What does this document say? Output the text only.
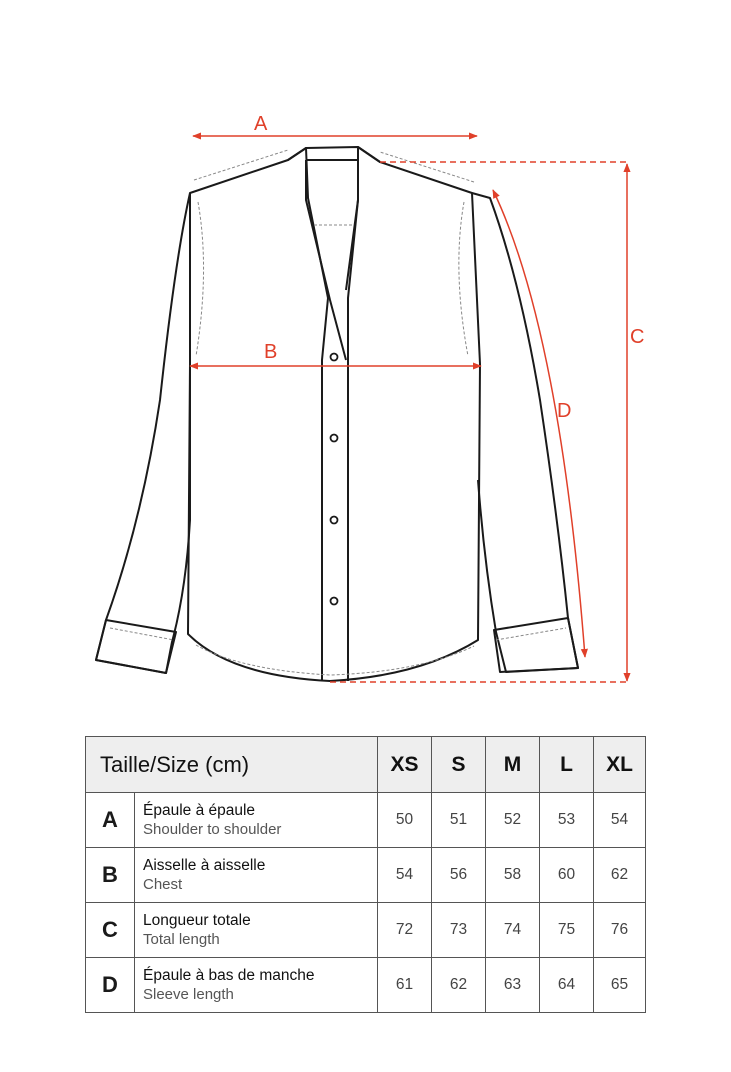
A
B
C
D
Taille/Size (cm)	XS	S	M	L	XL

A Épaule à épaule
Shoulder to shoulder	50	51	52	53	54

B Aisselle à aisselle
Chest	54	56	58	60	62

C Longueur totale
Total length	72	73	74	75	76

D Épaule à bas de manche
Sleeve length	61	62	63	64	65
